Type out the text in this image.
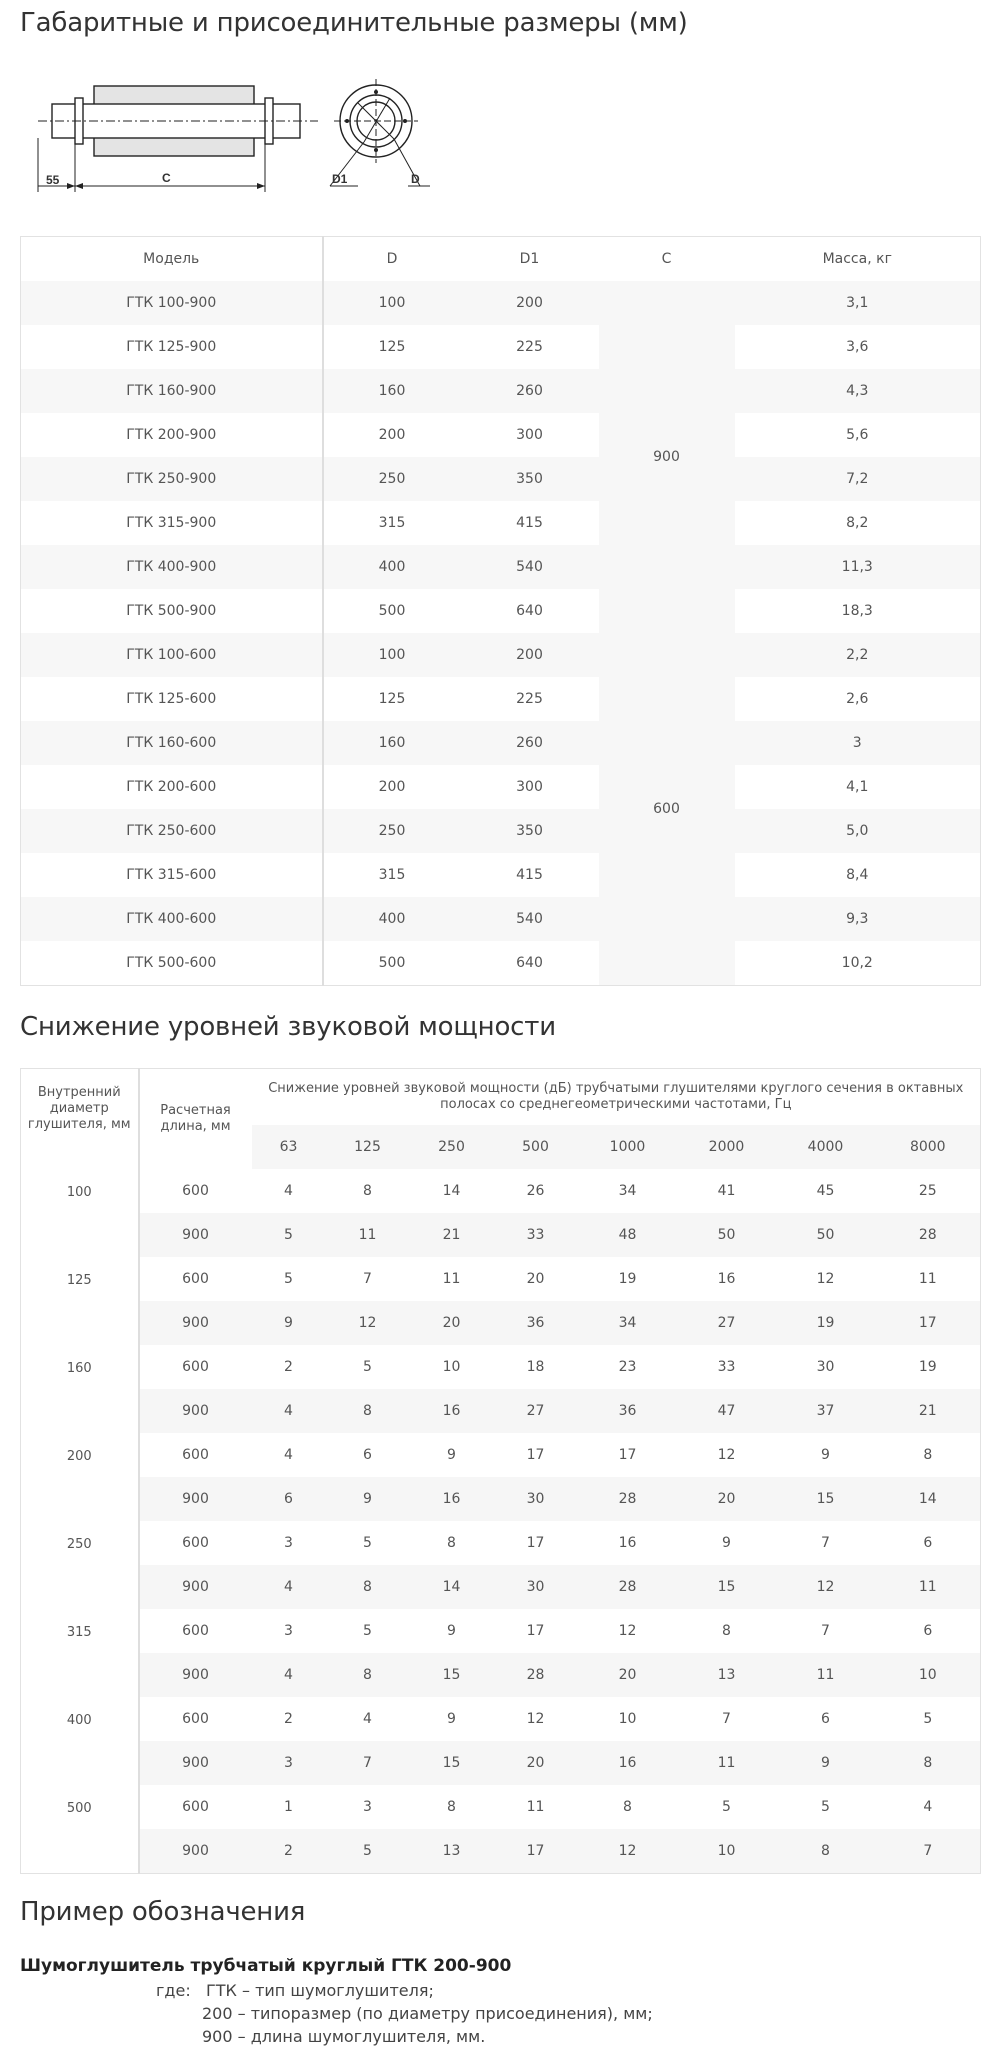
Габаритные и присоединительные размеры (мм)
55	C	D1	D
Модель	D	D1	C	Масса, кг
ГТК 100-900	100	200	900	3,1
ГТК 125-900	125	225		3,6
ГТК 160-900	160	260		4,3
ГТК 200-900	200	300		5,6
ГТК 250-900	250	350		7,2
ГТК 315-900	315	415		8,2
ГТК 400-900	400	540		11,3
ГТК 500-900	500	640		18,3
ГТК 100-600	100	200	600	2,2
ГТК 125-600	125	225		2,6
ГТК 160-600	160	260		3
ГТК 200-600	200	300		4,1
ГТК 250-600	250	350		5,0
ГТК 315-600	315	415		8,4
ГТК 400-600	400	540		9,3
ГТК 500-600	500	640		10,2
Снижение уровней звуковой мощности
Внутренний диаметр глушителя, мм	Расчетная длина, мм	Снижение уровней звуковой мощности (дБ) трубчатыми глушителями круглого сечения в октавных полосах со среднегеометрическими частотами, Гц							
		63	125	250	500	1000	2000	4000	8000
100	600	4	8	14	26	34	41	45	25
	900	5	11	21	33	48	50	50	28
125	600	5	7	11	20	19	16	12	11
	900	9	12	20	36	34	27	19	17
160	600	2	5	10	18	23	33	30	19
	900	4	8	16	27	36	47	37	21
200	600	4	6	9	17	17	12	9	8
	900	6	9	16	30	28	20	15	14
250	600	3	5	8	17	16	9	7	6
	900	4	8	14	30	28	15	12	11
315	600	3	5	9	17	12	8	7	6
	900	4	8	15	28	20	13	11	10
400	600	2	4	9	12	10	7	6	5
	900	3	7	15	20	16	11	9	8
500	600	1	3	8	11	8	5	5	4
	900	2	5	13	17	12	10	8	7
Пример обозначения
Шумоглушитель трубчатый круглый ГТК 200-900
где: ГТК – тип шумоглушителя;
200 – типоразмер (по диаметру присоединения), мм;
900 – длина шумоглушителя, мм.
